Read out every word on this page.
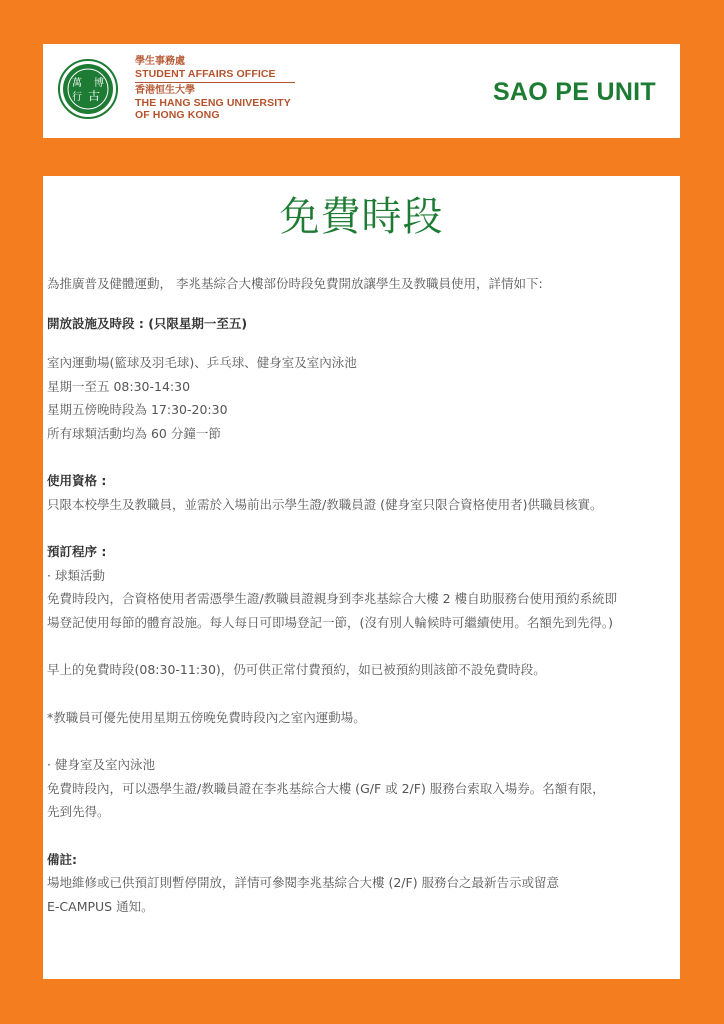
萬 博
行 古
學生事務處
STUDENT AFFAIRS OFFICE
香港恒生大學
THE HANG SENG UNIVERSITY
OF HONG KONG
SAO PE UNIT
免費時段
為推廣普及健體運動， 李兆基綜合大樓部份時段免費開放讓學生及教職員使用，詳情如下:
開放設施及時段 : (只限星期一至五)
室內運動場(籃球及羽毛球)、乒乓球、健身室及室內泳池
星期一至五 08:30-14:30
星期五傍晚時段為 17:30-20:30
所有球類活動均為 60 分鐘一節
使用資格 :
只限本校學生及教職員，並需於入場前出示學生證/教職員證 (健身室只限合資格使用者)供職員核實。
預訂程序 :
· 球類活動
免費時段內，合資格使用者需憑學生證/教職員證親身到李兆基綜合大樓 2 樓自助服務台使用預約系統即
場登記使用每節的體育設施。每人每日可即場登記一節，(沒有別人輪候時可繼續使用。名額先到先得。)
早上的免費時段(08:30-11:30)，仍可供正常付費預約，如已被預約則該節不設免費時段。
*教職員可優先使用星期五傍晚免費時段內之室內運動場。
· 健身室及室內泳池
免費時段內，可以憑學生證/教職員證在李兆基綜合大樓 (G/F 或 2/F) 服務台索取入場券。名額有限，
先到先得。
備註:
場地維修或已供預訂則暫停開放，詳情可參閱李兆基綜合大樓 (2/F) 服務台之最新告示或留意
E-CAMPUS 通知。
